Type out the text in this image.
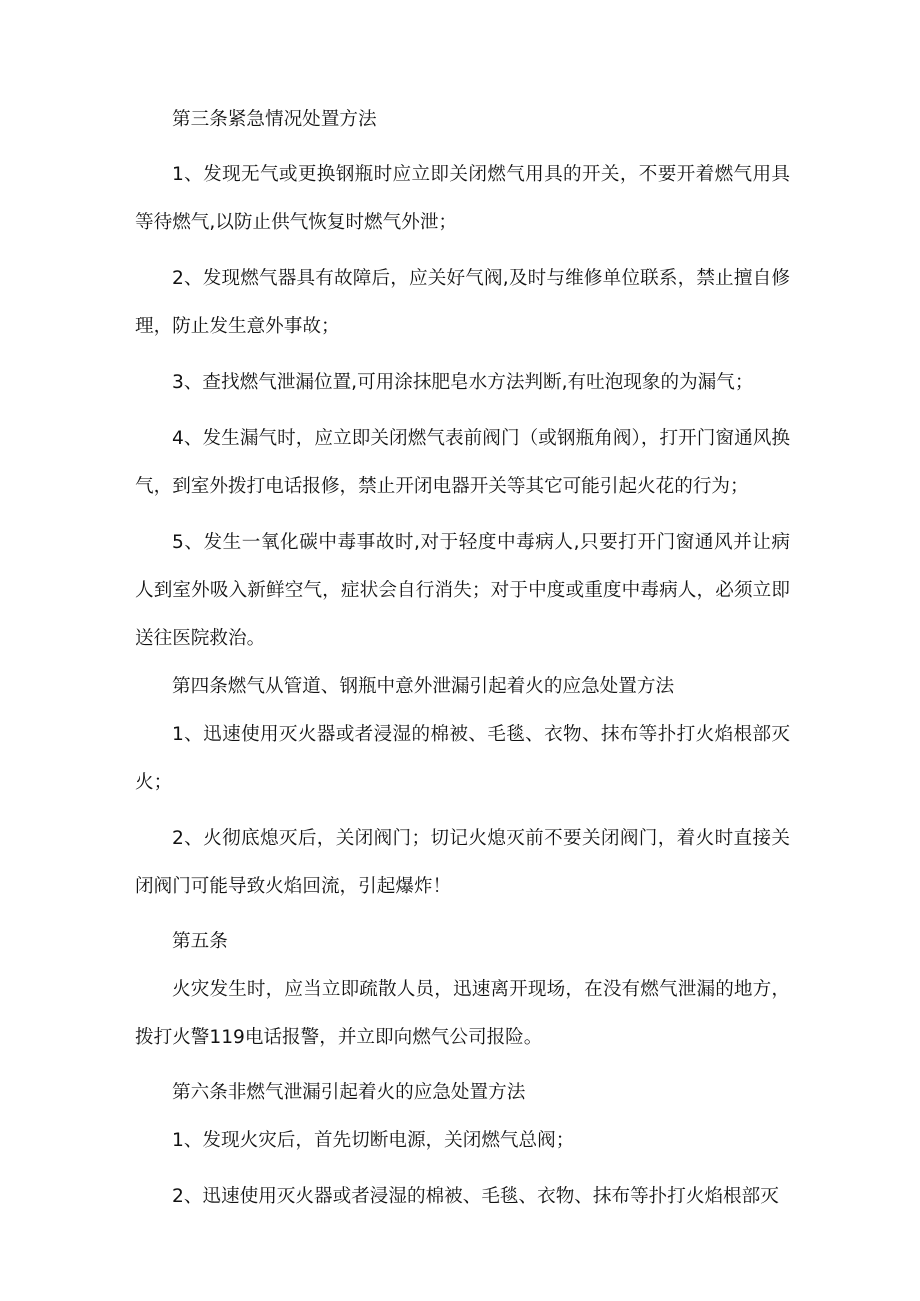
第三条紧急情况处置方法

1、发现无气或更换钢瓶时应立即关闭燃气用具的开关，不要开着燃气用具等待燃气,以防止供气恢复时燃气外泄；

2、发现燃气器具有故障后，应关好气阀,及时与维修单位联系，禁止擅自修理，防止发生意外事故；

3、查找燃气泄漏位置,可用涂抹肥皂水方法判断,有吐泡现象的为漏气；

4、发生漏气时，应立即关闭燃气表前阀门（或钢瓶角阀），打开门窗通风换气，到室外拨打电话报修，禁止开闭电器开关等其它可能引起火花的行为；

5、发生一氧化碳中毒事故时,对于轻度中毒病人,只要打开门窗通风并让病人到室外吸入新鲜空气，症状会自行消失；对于中度或重度中毒病人，必须立即送往医院救治。

第四条燃气从管道、钢瓶中意外泄漏引起着火的应急处置方法

1、迅速使用灭火器或者浸湿的棉被、毛毯、衣物、抹布等扑打火焰根部灭火；

2、火彻底熄灭后，关闭阀门；切记火熄灭前不要关闭阀门，着火时直接关闭阀门可能导致火焰回流，引起爆炸！

第五条

火灾发生时，应当立即疏散人员，迅速离开现场，在没有燃气泄漏的地方，拨打火警119电话报警，并立即向燃气公司报险。

第六条非燃气泄漏引起着火的应急处置方法

1、发现火灾后，首先切断电源，关闭燃气总阀；

2、迅速使用灭火器或者浸湿的棉被、毛毯、衣物、抹布等扑打火焰根部灭
